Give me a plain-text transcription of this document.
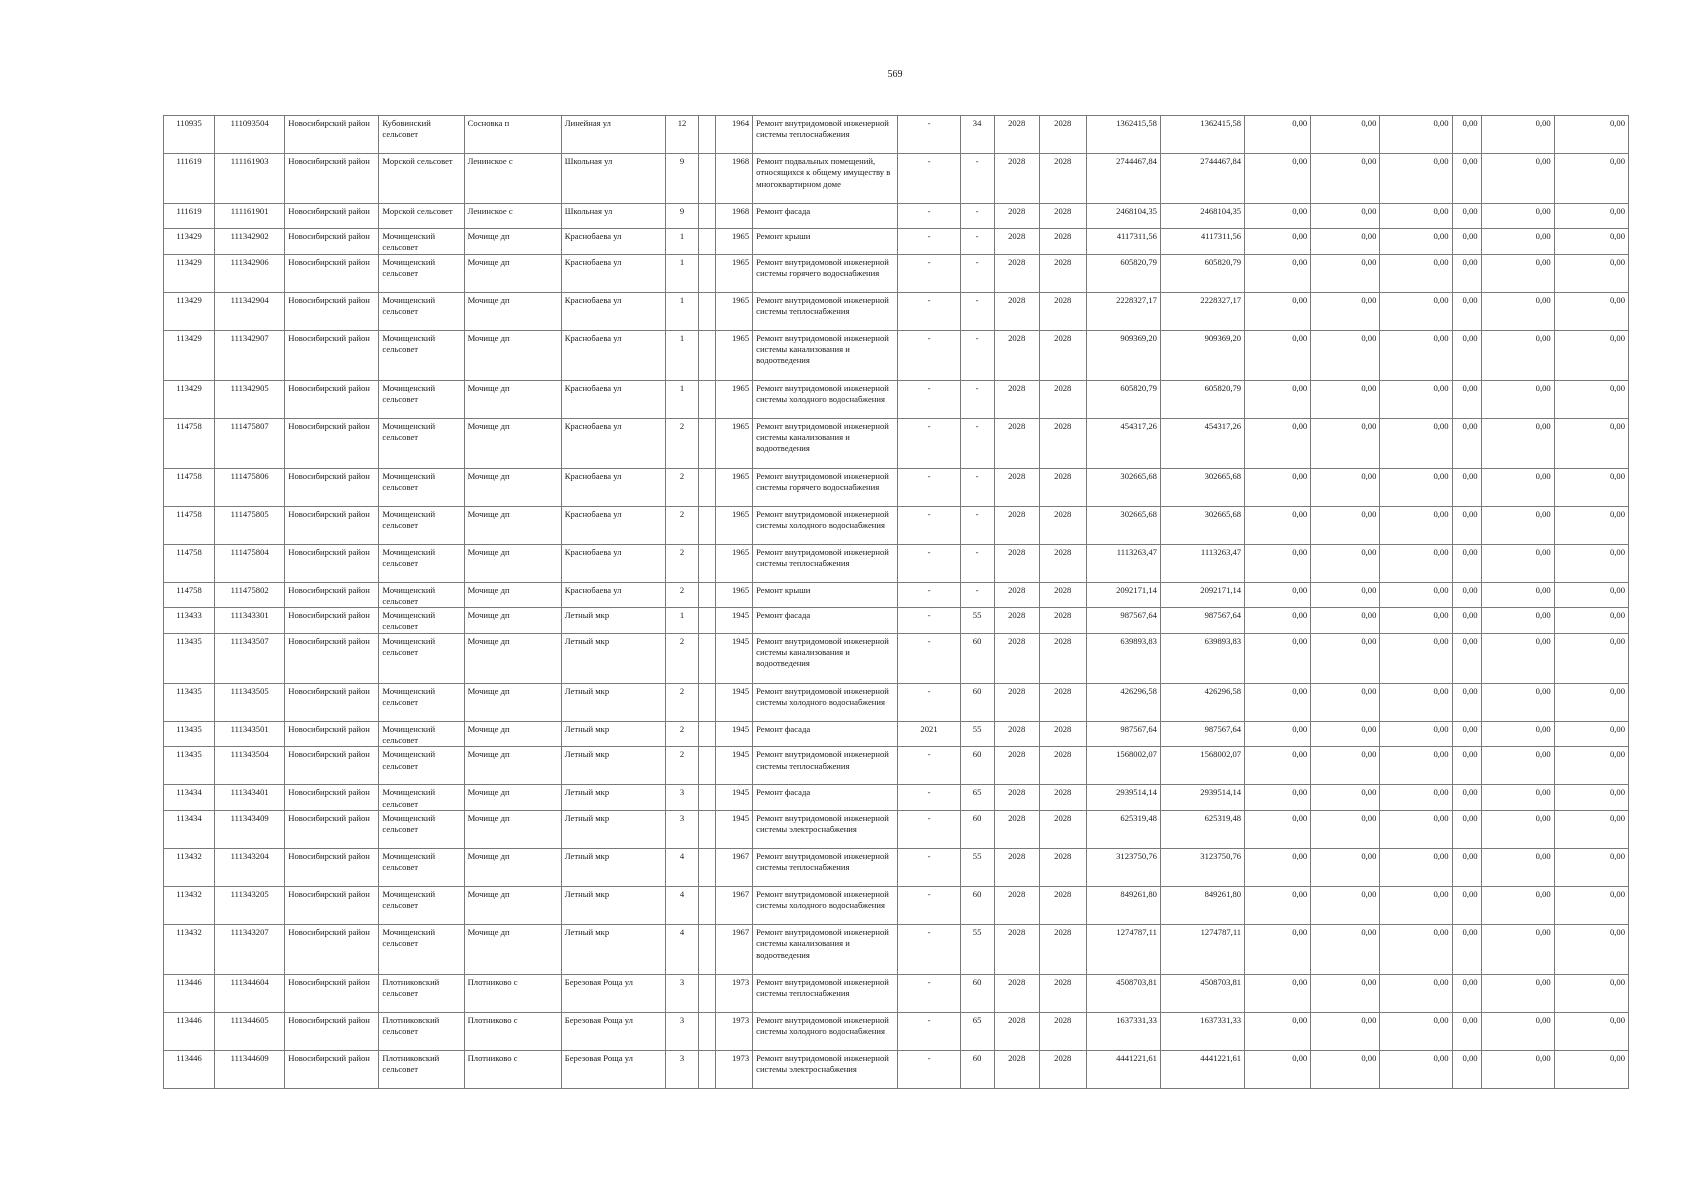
569
110935	111093504	Новосибирский район	Кубовинский сельсовет	Сосновка п	Линейная ул	12		1964	Ремонт внутридомовой инженерной системы теплоснабжения	-	34	2028	2028	1362415,58	1362415,58	0,00	0,00	0,00	0,00	0,00	0,00
111619	111161903	Новосибирский район	Морской сельсовет	Ленинское с	Школьная ул	9		1968	Ремонт подвальных помещений, относящихся к общему имуществу в многоквартирном доме	-	-	2028	2028	2744467,84	2744467,84	0,00	0,00	0,00	0,00	0,00	0,00
111619	111161901	Новосибирский район	Морской сельсовет	Ленинское с	Школьная ул	9		1968	Ремонт фасада	-	-	2028	2028	2468104,35	2468104,35	0,00	0,00	0,00	0,00	0,00	0,00
113429	111342902	Новосибирский район	Мочищенский сельсовет	Мочище дп	Краснобаева ул	1		1965	Ремонт крыши	-	-	2028	2028	4117311,56	4117311,56	0,00	0,00	0,00	0,00	0,00	0,00
113429	111342906	Новосибирский район	Мочищенский сельсовет	Мочище дп	Краснобаева ул	1		1965	Ремонт внутридомовой инженерной системы горячего водоснабжения	-	-	2028	2028	605820,79	605820,79	0,00	0,00	0,00	0,00	0,00	0,00
113429	111342904	Новосибирский район	Мочищенский сельсовет	Мочище дп	Краснобаева ул	1		1965	Ремонт внутридомовой инженерной системы теплоснабжения	-	-	2028	2028	2228327,17	2228327,17	0,00	0,00	0,00	0,00	0,00	0,00
113429	111342907	Новосибирский район	Мочищенский сельсовет	Мочище дп	Краснобаева ул	1		1965	Ремонт внутридомовой инженерной системы канализования и водоотведения	-	-	2028	2028	909369,20	909369,20	0,00	0,00	0,00	0,00	0,00	0,00
113429	111342905	Новосибирский район	Мочищенский сельсовет	Мочище дп	Краснобаева ул	1		1965	Ремонт внутридомовой инженерной системы холодного водоснабжения	-	-	2028	2028	605820,79	605820,79	0,00	0,00	0,00	0,00	0,00	0,00
114758	111475807	Новосибирский район	Мочищенский сельсовет	Мочище дп	Краснобаева ул	2		1965	Ремонт внутридомовой инженерной системы канализования и водоотведения	-	-	2028	2028	454317,26	454317,26	0,00	0,00	0,00	0,00	0,00	0,00
114758	111475806	Новосибирский район	Мочищенский сельсовет	Мочище дп	Краснобаева ул	2		1965	Ремонт внутридомовой инженерной системы горячего водоснабжения	-	-	2028	2028	302665,68	302665,68	0,00	0,00	0,00	0,00	0,00	0,00
114758	111475805	Новосибирский район	Мочищенский сельсовет	Мочище дп	Краснобаева ул	2		1965	Ремонт внутридомовой инженерной системы холодного водоснабжения	-	-	2028	2028	302665,68	302665,68	0,00	0,00	0,00	0,00	0,00	0,00
114758	111475804	Новосибирский район	Мочищенский сельсовет	Мочище дп	Краснобаева ул	2		1965	Ремонт внутридомовой инженерной системы теплоснабжения	-	-	2028	2028	1113263,47	1113263,47	0,00	0,00	0,00	0,00	0,00	0,00
114758	111475802	Новосибирский район	Мочищенский сельсовет	Мочище дп	Краснобаева ул	2		1965	Ремонт крыши	-	-	2028	2028	2092171,14	2092171,14	0,00	0,00	0,00	0,00	0,00	0,00
113433	111343301	Новосибирский район	Мочищенский сельсовет	Мочище дп	Летный мкр	1		1945	Ремонт фасада	-	55	2028	2028	987567,64	987567,64	0,00	0,00	0,00	0,00	0,00	0,00
113435	111343507	Новосибирский район	Мочищенский сельсовет	Мочище дп	Летный мкр	2		1945	Ремонт внутридомовой инженерной системы канализования и водоотведения	-	60	2028	2028	639893,83	639893,83	0,00	0,00	0,00	0,00	0,00	0,00
113435	111343505	Новосибирский район	Мочищенский сельсовет	Мочище дп	Летный мкр	2		1945	Ремонт внутридомовой инженерной системы холодного водоснабжения	-	60	2028	2028	426296,58	426296,58	0,00	0,00	0,00	0,00	0,00	0,00
113435	111343501	Новосибирский район	Мочищенский сельсовет	Мочище дп	Летный мкр	2		1945	Ремонт фасада	2021	55	2028	2028	987567,64	987567,64	0,00	0,00	0,00	0,00	0,00	0,00
113435	111343504	Новосибирский район	Мочищенский сельсовет	Мочище дп	Летный мкр	2		1945	Ремонт внутридомовой инженерной системы теплоснабжения	-	60	2028	2028	1568002,07	1568002,07	0,00	0,00	0,00	0,00	0,00	0,00
113434	111343401	Новосибирский район	Мочищенский сельсовет	Мочище дп	Летный мкр	3		1945	Ремонт фасада	-	65	2028	2028	2939514,14	2939514,14	0,00	0,00	0,00	0,00	0,00	0,00
113434	111343409	Новосибирский район	Мочищенский сельсовет	Мочище дп	Летный мкр	3		1945	Ремонт внутридомовой инженерной системы электроснабжения	-	60	2028	2028	625319,48	625319,48	0,00	0,00	0,00	0,00	0,00	0,00
113432	111343204	Новосибирский район	Мочищенский сельсовет	Мочище дп	Летный мкр	4		1967	Ремонт внутридомовой инженерной системы теплоснабжения	-	55	2028	2028	3123750,76	3123750,76	0,00	0,00	0,00	0,00	0,00	0,00
113432	111343205	Новосибирский район	Мочищенский сельсовет	Мочище дп	Летный мкр	4		1967	Ремонт внутридомовой инженерной системы холодного водоснабжения	-	60	2028	2028	849261,80	849261,80	0,00	0,00	0,00	0,00	0,00	0,00
113432	111343207	Новосибирский район	Мочищенский сельсовет	Мочище дп	Летный мкр	4		1967	Ремонт внутридомовой инженерной системы канализования и водоотведения	-	55	2028	2028	1274787,11	1274787,11	0,00	0,00	0,00	0,00	0,00	0,00
113446	111344604	Новосибирский район	Плотниковский сельсовет	Плотниково с	Березовая Роща ул	3		1973	Ремонт внутридомовой инженерной системы теплоснабжения	-	60	2028	2028	4508703,81	4508703,81	0,00	0,00	0,00	0,00	0,00	0,00
113446	111344605	Новосибирский район	Плотниковский сельсовет	Плотниково с	Березовая Роща ул	3		1973	Ремонт внутридомовой инженерной системы холодного водоснабжения	-	65	2028	2028	1637331,33	1637331,33	0,00	0,00	0,00	0,00	0,00	0,00
113446	111344609	Новосибирский район	Плотниковский сельсовет	Плотниково с	Березовая Роща ул	3		1973	Ремонт внутридомовой инженерной системы электроснабжения	-	60	2028	2028	4441221,61	4441221,61	0,00	0,00	0,00	0,00	0,00	0,00
